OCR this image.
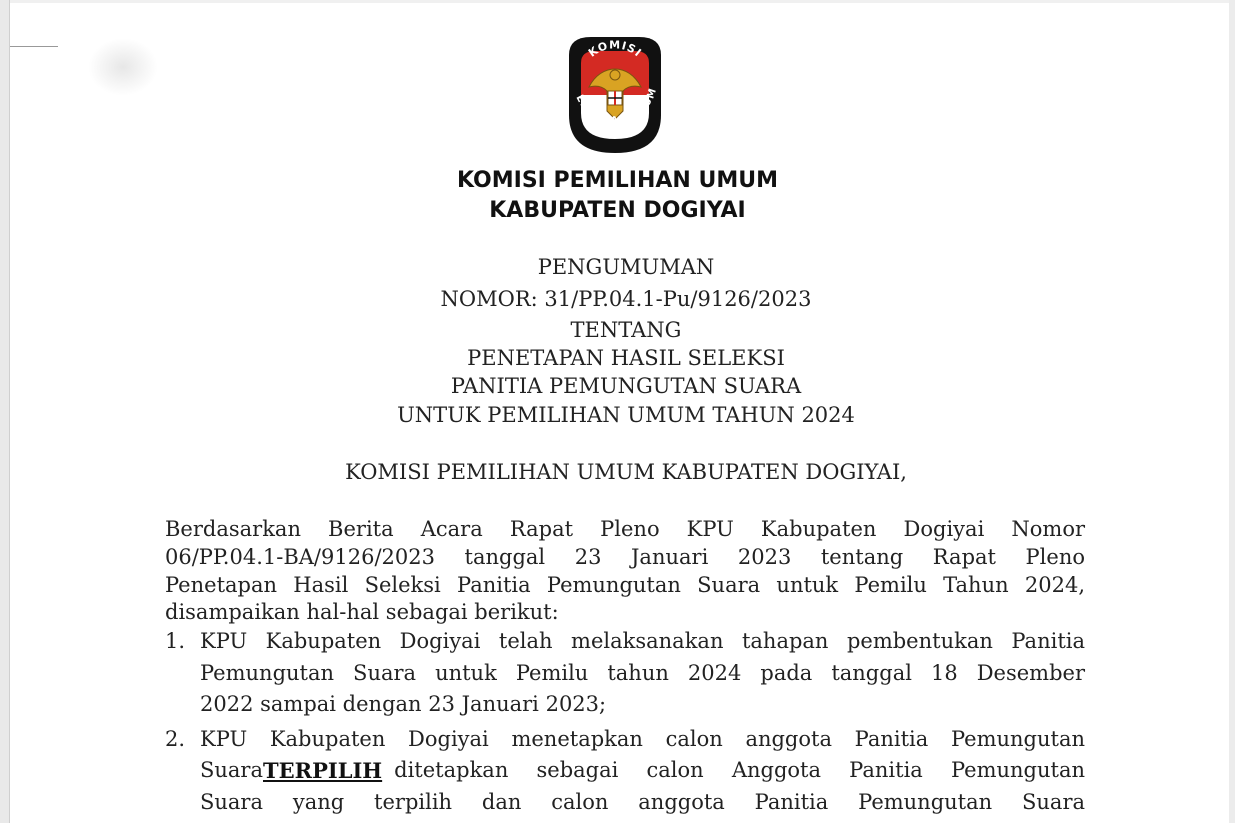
KOMISI
EMILIHAN UMUM
KOMISI PEMILIHAN UMUM
KABUPATEN DOGIYAI
PENGUMUMAN
NOMOR: 31/PP.04.1-Pu/9126/2023
TENTANG
PENETAPAN HASIL SELEKSI
PANITIA PEMUNGUTAN SUARA
UNTUK PEMILIHAN UMUM TAHUN 2024
KOMISI PEMILIHAN UMUM KABUPATEN DOGIYAI,
Berdasarkan Berita Acara Rapat Pleno KPU Kabupaten Dogiyai Nomor
06/PP.04.1-BA/9126/2023 tanggal 23 Januari 2023 tentang Rapat Pleno
Penetapan Hasil Seleksi Panitia Pemungutan Suara untuk Pemilu Tahun 2024,
disampaikan hal-hal sebagai berikut:
1. KPU Kabupaten Dogiyai telah melaksanakan tahapan pembentukan Panitia
Pemungutan Suara untuk Pemilu tahun 2024 pada tanggal 18 Desember
2022 sampai dengan 23 Januari 2023;
2. KPU Kabupaten Dogiyai menetapkan calon anggota Panitia Pemungutan
Suara TERPILIH ditetapkan sebagai calon Anggota Panitia Pemungutan
Suara yang terpilih dan calon anggota Panitia Pemungutan Suara
